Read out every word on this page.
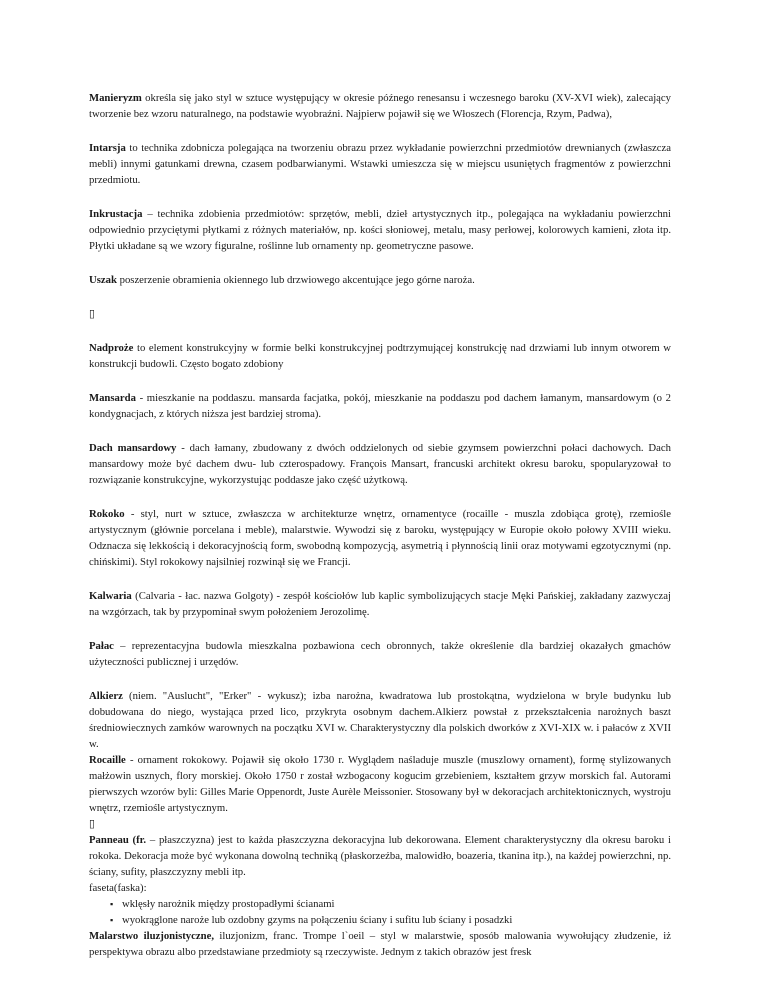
Manieryzm określa się jako styl w sztuce występujący w okresie późnego renesansu i wczesnego baroku (XV-XVI wiek), zalecający tworzenie bez wzoru naturalnego, na podstawie wyobraźni. Najpierw pojawił się we Włoszech (Florencja, Rzym, Padwa),

Intarsja to technika zdobnicza polegająca na tworzeniu obrazu przez wykładanie powierzchni przedmiotów drewnianych (zwłaszcza mebli) innymi gatunkami drewna, czasem podbarwianymi. Wstawki umieszcza się w miejscu usuniętych fragmentów z powierzchni przedmiotu.

Inkrustacja – technika zdobienia przedmiotów: sprzętów, mebli, dzieł artystycznych itp., polegająca na wykładaniu powierzchni odpowiednio przyciętymi płytkami z różnych materiałów, np. kości słoniowej, metalu, masy perłowej, kolorowych kamieni, złota itp. Płytki układane są we wzory figuralne, roślinne lub ornamenty np. geometryczne pasowe.

Uszak poszerzenie obramienia okiennego lub drzwiowego akcentujące jego górne naroża.

▯

Nadproże to element konstrukcyjny w formie belki konstrukcyjnej podtrzymującej konstrukcję nad drzwiami lub innym otworem w konstrukcji budowli. Często bogato zdobiony

Mansarda - mieszkanie na poddaszu. mansarda facjatka, pokój, mieszkanie na poddaszu pod dachem łamanym, mansardowym (o 2 kondygnacjach, z których niższa jest bardziej stroma).

Dach mansardowy - dach łamany, zbudowany z dwóch oddzielonych od siebie gzymsem powierzchni połaci dachowych. Dach mansardowy może być dachem dwu- lub czterospadowy. François Mansart, francuski architekt okresu baroku, spopularyzował to rozwiązanie konstrukcyjne, wykorzystując poddasze jako część użytkową.

Rokoko - styl, nurt w sztuce, zwłaszcza w architekturze wnętrz, ornamentyce (rocaille - muszla zdobiąca grotę), rzemiośle artystycznym (głównie porcelana i meble), malarstwie. Wywodzi się z baroku, występujący w Europie około połowy XVIII wieku. Odznacza się lekkością i dekoracyjnością form, swobodną kompozycją, asymetrią i płynnością linii oraz motywami egzotycznymi (np. chińskimi). Styl rokokowy najsilniej rozwinął się we Francji.

Kalwaria (Calvaria - łac. nazwa Golgoty) - zespół kościołów lub kaplic symbolizujących stacje Męki Pańskiej, zakładany zazwyczaj na wzgórzach, tak by przypominał swym położeniem Jerozolimę.

Pałac – reprezentacyjna budowla mieszkalna pozbawiona cech obronnych, także określenie dla bardziej okazałych gmachów użyteczności publicznej i urzędów.

Alkierz (niem. "Auslucht", "Erker" - wykusz); izba narożna, kwadratowa lub prostokątna, wydzielona w bryle budynku lub dobudowana do niego, wystająca przed lico, przykryta osobnym dachem.Alkierz powstał z przekształcenia narożnych baszt średniowiecznych zamków warownych na początku XVI w. Charakterystyczny dla polskich dworków z XVI-XIX w. i pałaców z XVII w.

Rocaille - ornament rokokowy. Pojawił się około 1730 r. Wyglądem naśladuje muszle (muszlowy ornament), formę stylizowanych małżowin usznych, flory morskiej. Około 1750 r został wzbogacony kogucim grzebieniem, kształtem grzyw morskich fal. Autorami pierwszych wzorów byli: Gilles Marie Oppenordt, Juste Aurèle Meissonier. Stosowany był w dekoracjach architektonicznych, wystroju wnętrz, rzemiośle artystycznym.

▯

Panneau (fr. – płaszczyzna) jest to każda płaszczyzna dekoracyjna lub dekorowana. Element charakterystyczny dla okresu baroku i rokoka. Dekoracja może być wykonana dowolną techniką (płaskorzeźba, malowidło, boazeria, tkanina itp.), na każdej powierzchni, np. ściany, sufity, płaszczyzny mebli itp.

faseta(faska):

▪ wklęsły narożnik między prostopadłymi ścianami
▪ wyokrąglone naroże lub ozdobny gzyms na połączeniu ściany i sufitu lub ściany i posadzki

Malarstwo iluzjonistyczne, iluzjonizm, franc. Trompe l`oeil – styl w malarstwie, sposób malowania wywołujący złudzenie, iż perspektywa obrazu albo przedstawiane przedmioty są rzeczywiste. Jednym z takich obrazów jest fresk
